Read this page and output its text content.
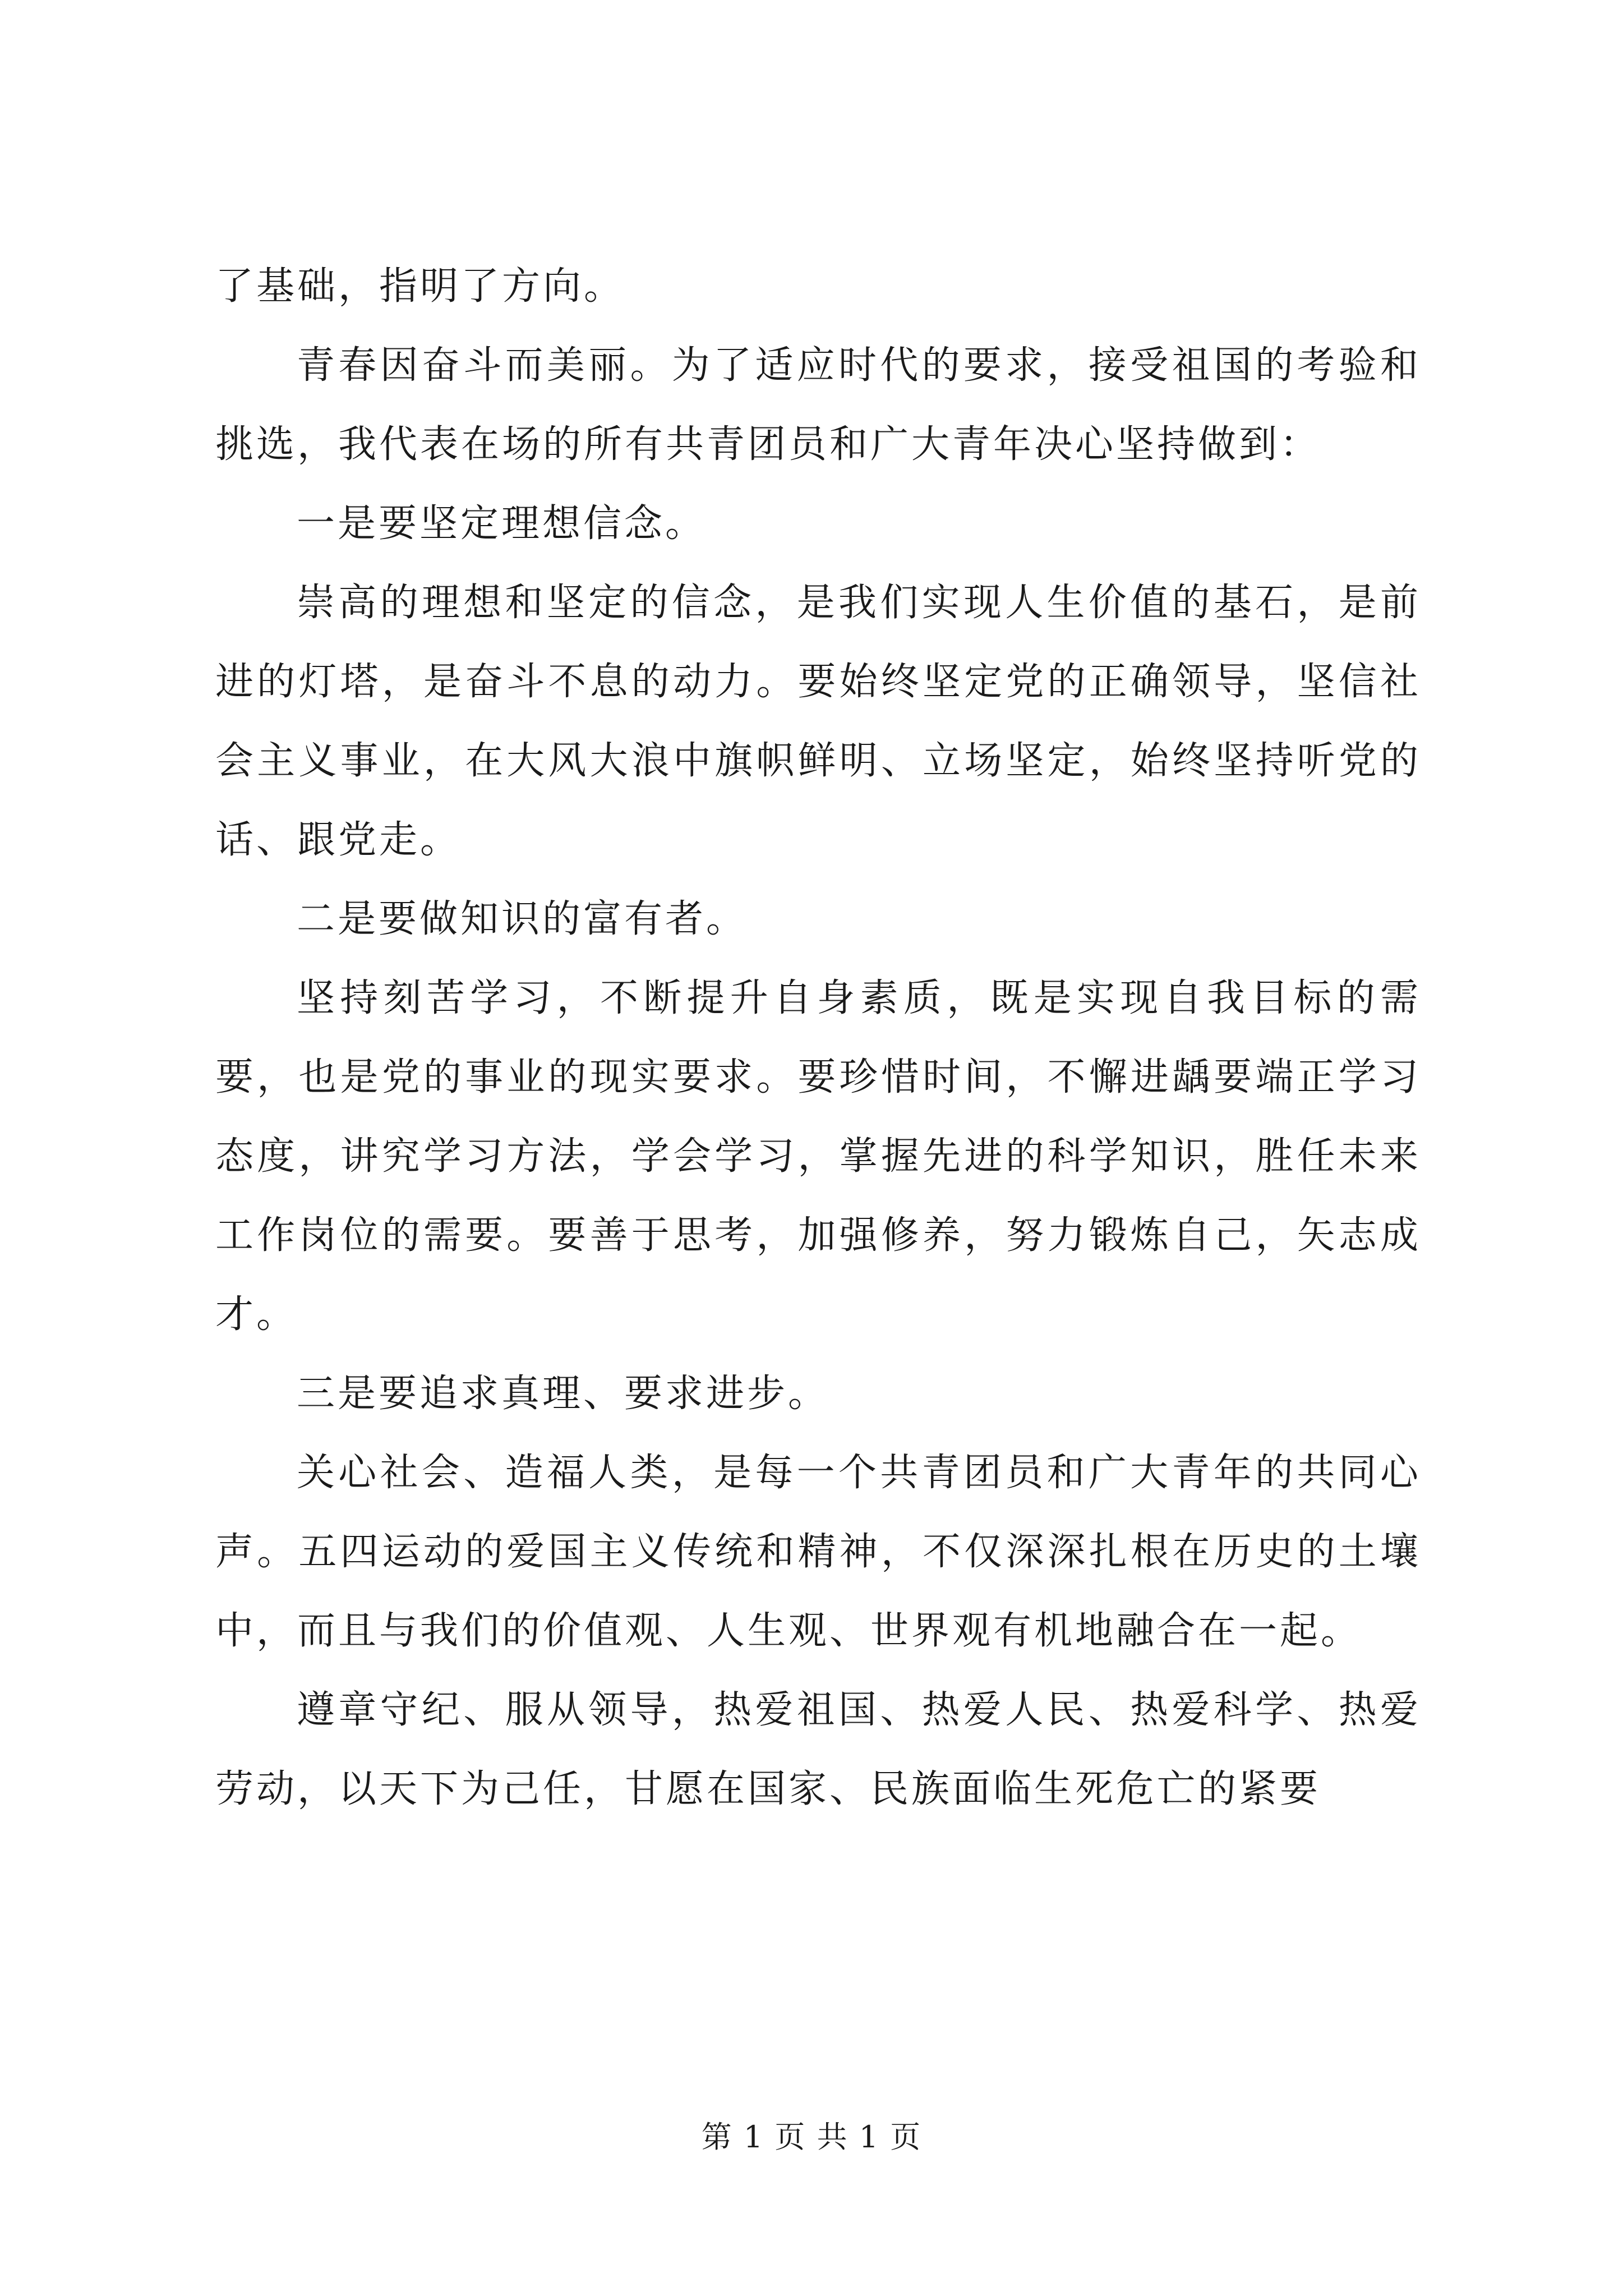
了基础，指明了方向。

青春因奋斗而美丽。为了适应时代的要求，接受祖国的考验和挑选，我代表在场的所有共青团员和广大青年决心坚持做到：

一是要坚定理想信念。

崇高的理想和坚定的信念，是我们实现人生价值的基石，是前进的灯塔，是奋斗不息的动力。要始终坚定党的正确领导，坚信社会主义事业，在大风大浪中旗帜鲜明、立场坚定，始终坚持听党的话、跟党走。

二是要做知识的富有者。

坚持刻苦学习，不断提升自身素质，既是实现自我目标的需要，也是党的事业的现实要求。要珍惜时间，不懈进龋要端正学习态度，讲究学习方法，学会学习，掌握先进的科学知识，胜任未来工作岗位的需要。要善于思考，加强修养，努力锻炼自己，矢志成才。

三是要追求真理、要求进步。

关心社会、造福人类，是每一个共青团员和广大青年的共同心声。五四运动的爱国主义传统和精神，不仅深深扎根在历史的土壤中，而且与我们的价值观、人生观、世界观有机地融合在一起。

遵章守纪、服从领导，热爱祖国、热爱人民、热爱科学、热爱劳动，以天下为己任，甘愿在国家、民族面临生死危亡的紧要

第 1 页 共 1 页
